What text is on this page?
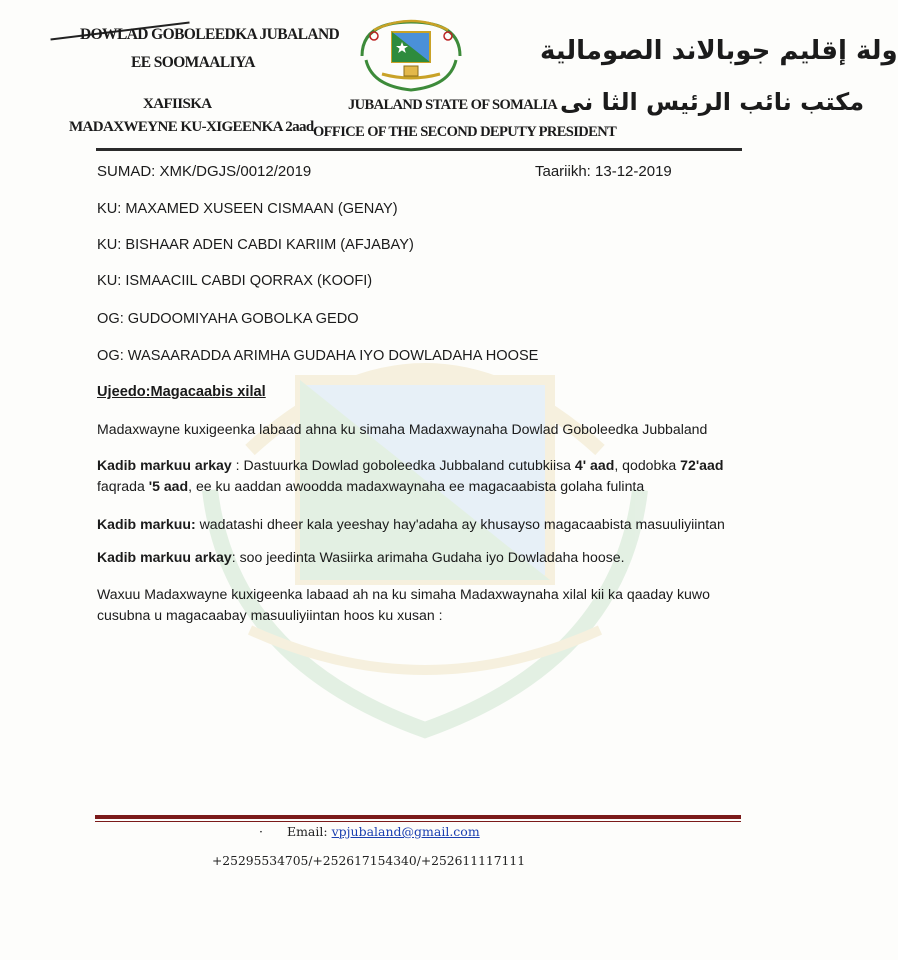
DOWLAD GOBOLEEDKA JUBALAND
EE SOOMAALIYA
XAFIISKA
MADAXWEYNE KU-XIGEENKA 2aad
JUBALAND STATE OF SOMALIA
OFFICE OF THE SECOND DEPUTY PRESIDENT
ولة إقليم جوبالاند الصومالية
مكتب نائب الرئيس الثا نى
SUMAD: XMK/DGJS/0012/2019	Taariikh: 13-12-2019
KU: MAXAMED XUSEEN CISMAAN (GENAY)
KU: BISHAAR ADEN CABDI KARIIM (AFJABAY)
KU: ISMAACIIL CABDI QORRAX (KOOFI)
OG: GUDOOMIYAHA GOBOLKA GEDO
OG: WASAARADDA ARIMHA GUDAHA IYO DOWLADAHA HOOSE
Ujeedo:Magacaabis xilal
Madaxwayne kuxigeenka labaad ahna ku simaha Madaxwaynaha Dowlad Goboleedka Jubbaland
Kadib markuu arkay : Dastuurka Dowlad goboleedka Jubbaland cutubkiisa 4' aad, qodobka 72'aad
faqrada '5 aad, ee ku aaddan awoodda madaxwaynaha ee magacaabista golaha fulinta
Kadib markuu: wadatashi dheer kala yeeshay hay'adaha ay khusayso magacaabista masuuliyiintan
Kadib markuu arkay: soo jeedinta Wasiirka arimaha Gudaha iyo Dowladaha hoose.
Waxuu Madaxwayne kuxigeenka labaad ah na ku simaha Madaxwaynaha xilal kii ka qaaday kuwo
cusubna u magacaabay masuuliyiintan hoos ku xusan :
· Email: vpjubaland@gmail.com
+25295534705/+252617154340/+252611117111
